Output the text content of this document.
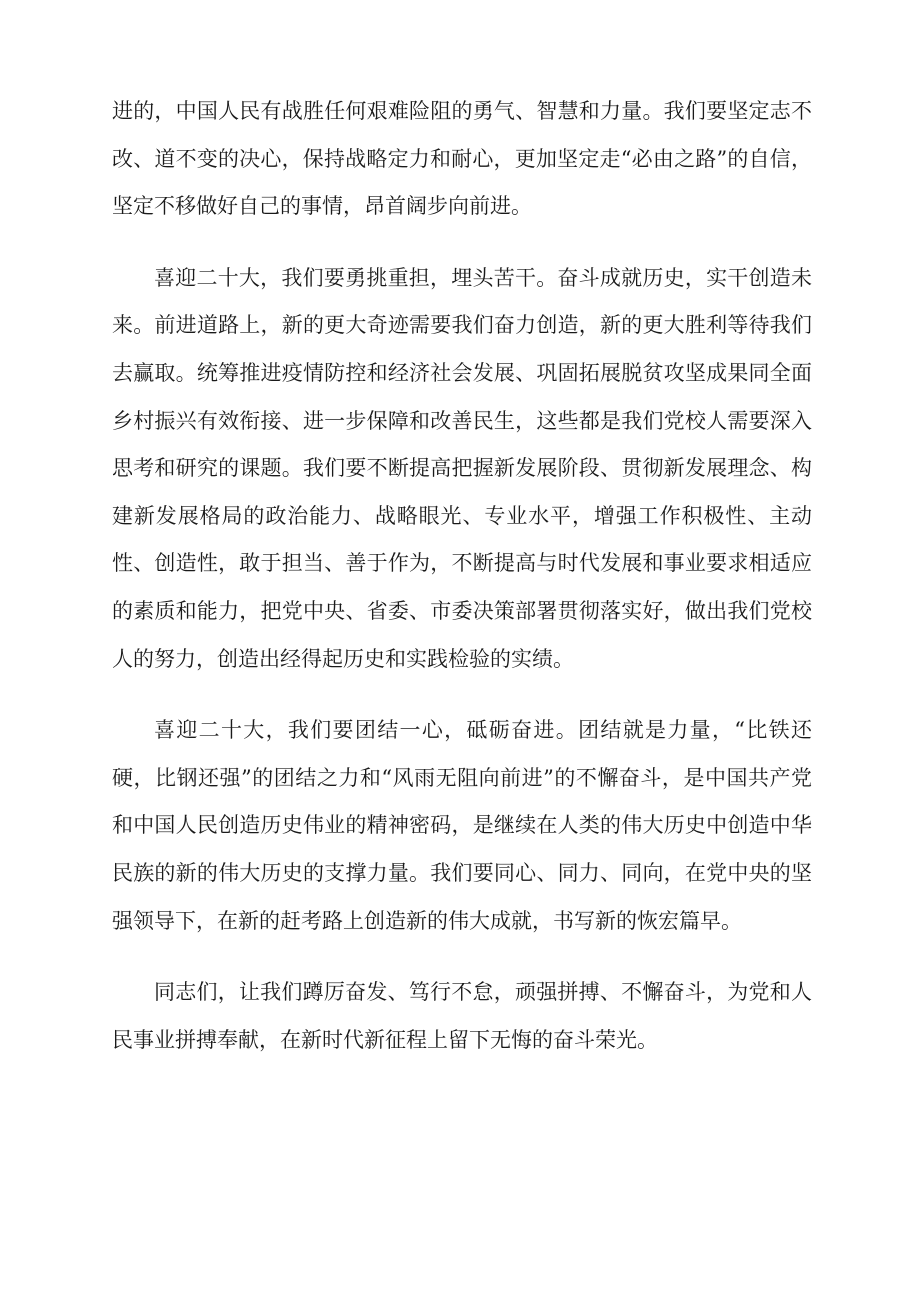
进的，中国人民有战胜任何艰难险阻的勇气、智慧和力量。我们要坚定志不改、道不变的决心，保持战略定力和耐心，更加坚定走“必由之路”的自信，坚定不移做好自己的事情，昂首阔步向前进。

喜迎二十大，我们要勇挑重担，埋头苦干。奋斗成就历史，实干创造未来。前进道路上，新的更大奇迹需要我们奋力创造，新的更大胜利等待我们去赢取。统筹推进疫情防控和经济社会发展、巩固拓展脱贫攻坚成果同全面乡村振兴有效衔接、进一步保障和改善民生，这些都是我们党校人需要深入思考和研究的课题。我们要不断提高把握新发展阶段、贯彻新发展理念、构建新发展格局的政治能力、战略眼光、专业水平，增强工作积极性、主动性、创造性，敢于担当、善于作为，不断提高与时代发展和事业要求相适应的素质和能力，把党中央、省委、市委决策部署贯彻落实好，做出我们党校人的努力，创造出经得起历史和实践检验的实绩。

喜迎二十大，我们要团结一心，砥砺奋进。团结就是力量，“比铁还硬，比钢还强”的团结之力和“风雨无阻向前进”的不懈奋斗，是中国共产党和中国人民创造历史伟业的精神密码，是继续在人类的伟大历史中创造中华民族的新的伟大历史的支撑力量。我们要同心、同力、同向，在党中央的坚强领导下，在新的赶考路上创造新的伟大成就，书写新的恢宏篇早。

同志们，让我们蹲厉奋发、笃行不怠，顽强拼搏、不懈奋斗，为党和人民事业拼搏奉献，在新时代新征程上留下无悔的奋斗荣光。
